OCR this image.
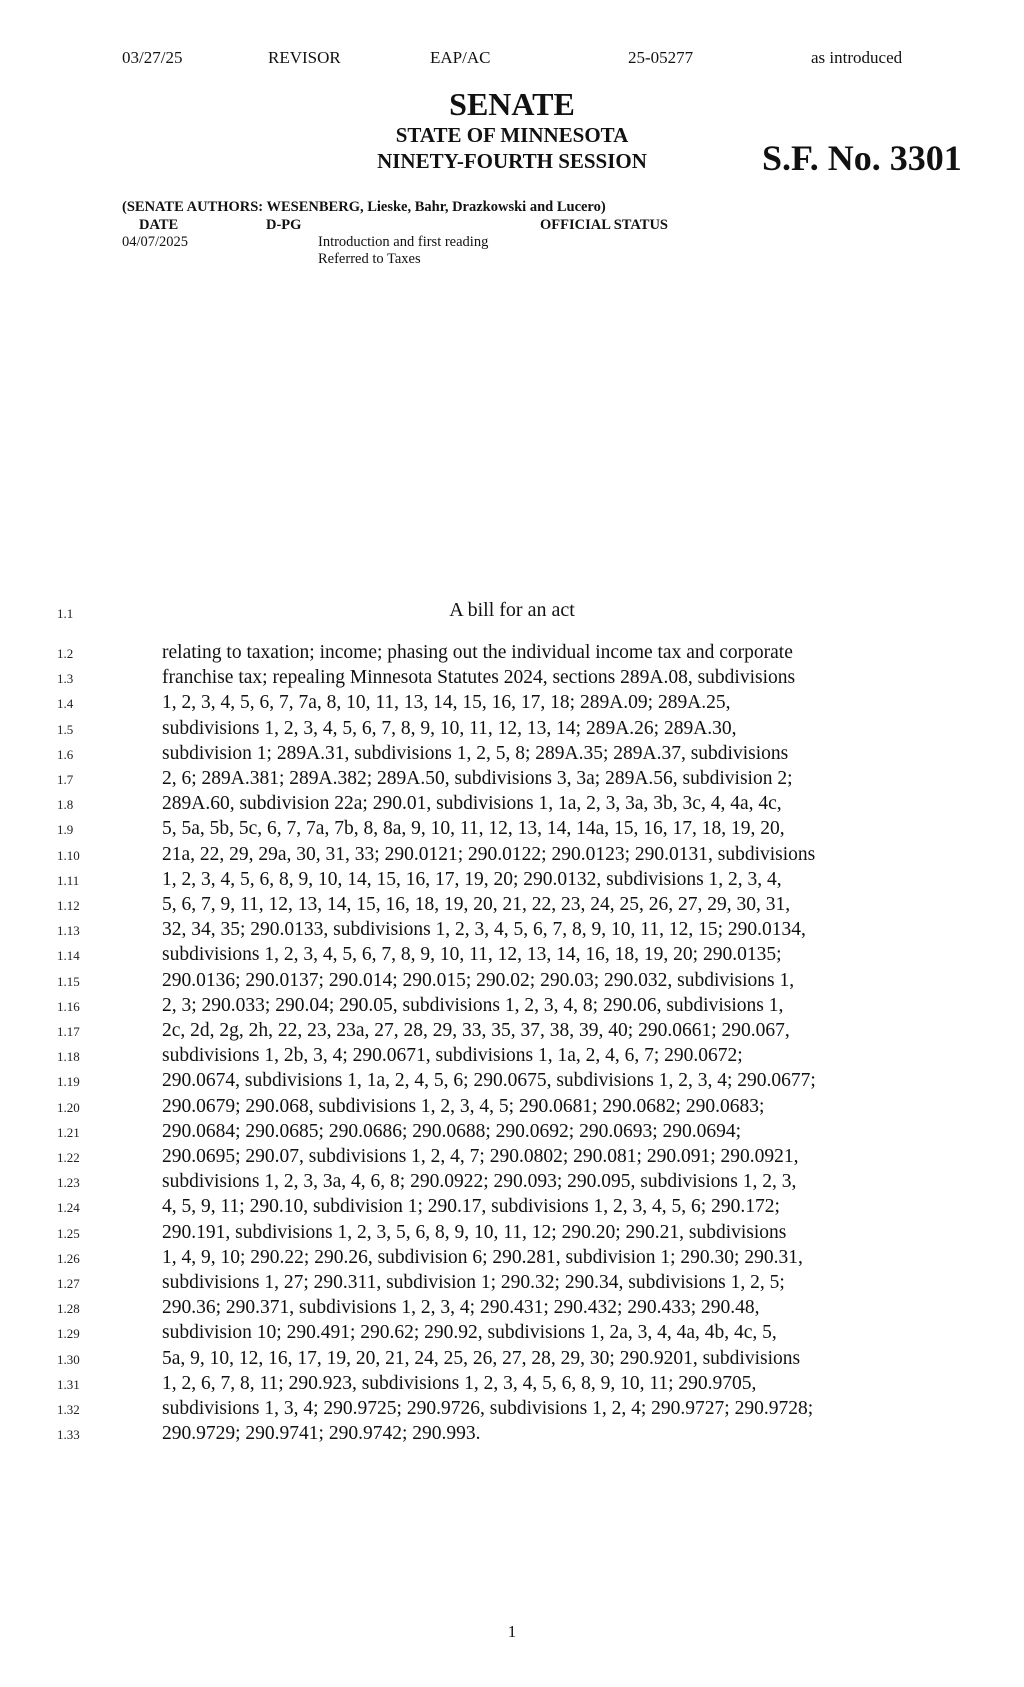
03/27/25	REVISOR	EAP/AC	25-05277	as introduced
SENATE
STATE OF MINNESOTA
NINETY-FOURTH SESSION	S.F. No. 3301
(SENATE AUTHORS: WESENBERG, Lieske, Bahr, Drazkowski and Lucero)
DATE	D-PG	OFFICIAL STATUS
04/07/2025	Introduction and first reading
Referred to Taxes
1.1	A bill for an act
1.2	relating to taxation; income; phasing out the individual income tax and corporate
1.3	franchise tax; repealing Minnesota Statutes 2024, sections 289A.08, subdivisions
1.4	1, 2, 3, 4, 5, 6, 7, 7a, 8, 10, 11, 13, 14, 15, 16, 17, 18; 289A.09; 289A.25,
1.5	subdivisions 1, 2, 3, 4, 5, 6, 7, 8, 9, 10, 11, 12, 13, 14; 289A.26; 289A.30,
1.6	subdivision 1; 289A.31, subdivisions 1, 2, 5, 8; 289A.35; 289A.37, subdivisions
1.7	2, 6; 289A.381; 289A.382; 289A.50, subdivisions 3, 3a; 289A.56, subdivision 2;
1.8	289A.60, subdivision 22a; 290.01, subdivisions 1, 1a, 2, 3, 3a, 3b, 3c, 4, 4a, 4c,
1.9	5, 5a, 5b, 5c, 6, 7, 7a, 7b, 8, 8a, 9, 10, 11, 12, 13, 14, 14a, 15, 16, 17, 18, 19, 20,
1.10	21a, 22, 29, 29a, 30, 31, 33; 290.0121; 290.0122; 290.0123; 290.0131, subdivisions
1.11	1, 2, 3, 4, 5, 6, 8, 9, 10, 14, 15, 16, 17, 19, 20; 290.0132, subdivisions 1, 2, 3, 4,
1.12	5, 6, 7, 9, 11, 12, 13, 14, 15, 16, 18, 19, 20, 21, 22, 23, 24, 25, 26, 27, 29, 30, 31,
1.13	32, 34, 35; 290.0133, subdivisions 1, 2, 3, 4, 5, 6, 7, 8, 9, 10, 11, 12, 15; 290.0134,
1.14	subdivisions 1, 2, 3, 4, 5, 6, 7, 8, 9, 10, 11, 12, 13, 14, 16, 18, 19, 20; 290.0135;
1.15	290.0136; 290.0137; 290.014; 290.015; 290.02; 290.03; 290.032, subdivisions 1,
1.16	2, 3; 290.033; 290.04; 290.05, subdivisions 1, 2, 3, 4, 8; 290.06, subdivisions 1,
1.17	2c, 2d, 2g, 2h, 22, 23, 23a, 27, 28, 29, 33, 35, 37, 38, 39, 40; 290.0661; 290.067,
1.18	subdivisions 1, 2b, 3, 4; 290.0671, subdivisions 1, 1a, 2, 4, 6, 7; 290.0672;
1.19	290.0674, subdivisions 1, 1a, 2, 4, 5, 6; 290.0675, subdivisions 1, 2, 3, 4; 290.0677;
1.20	290.0679; 290.068, subdivisions 1, 2, 3, 4, 5; 290.0681; 290.0682; 290.0683;
1.21	290.0684; 290.0685; 290.0686; 290.0688; 290.0692; 290.0693; 290.0694;
1.22	290.0695; 290.07, subdivisions 1, 2, 4, 7; 290.0802; 290.081; 290.091; 290.0921,
1.23	subdivisions 1, 2, 3, 3a, 4, 6, 8; 290.0922; 290.093; 290.095, subdivisions 1, 2, 3,
1.24	4, 5, 9, 11; 290.10, subdivision 1; 290.17, subdivisions 1, 2, 3, 4, 5, 6; 290.172;
1.25	290.191, subdivisions 1, 2, 3, 5, 6, 8, 9, 10, 11, 12; 290.20; 290.21, subdivisions
1.26	1, 4, 9, 10; 290.22; 290.26, subdivision 6; 290.281, subdivision 1; 290.30; 290.31,
1.27	subdivisions 1, 27; 290.311, subdivision 1; 290.32; 290.34, subdivisions 1, 2, 5;
1.28	290.36; 290.371, subdivisions 1, 2, 3, 4; 290.431; 290.432; 290.433; 290.48,
1.29	subdivision 10; 290.491; 290.62; 290.92, subdivisions 1, 2a, 3, 4, 4a, 4b, 4c, 5,
1.30	5a, 9, 10, 12, 16, 17, 19, 20, 21, 24, 25, 26, 27, 28, 29, 30; 290.9201, subdivisions
1.31	1, 2, 6, 7, 8, 11; 290.923, subdivisions 1, 2, 3, 4, 5, 6, 8, 9, 10, 11; 290.9705,
1.32	subdivisions 1, 3, 4; 290.9725; 290.9726, subdivisions 1, 2, 4; 290.9727; 290.9728;
1.33	290.9729; 290.9741; 290.9742; 290.993.
1
